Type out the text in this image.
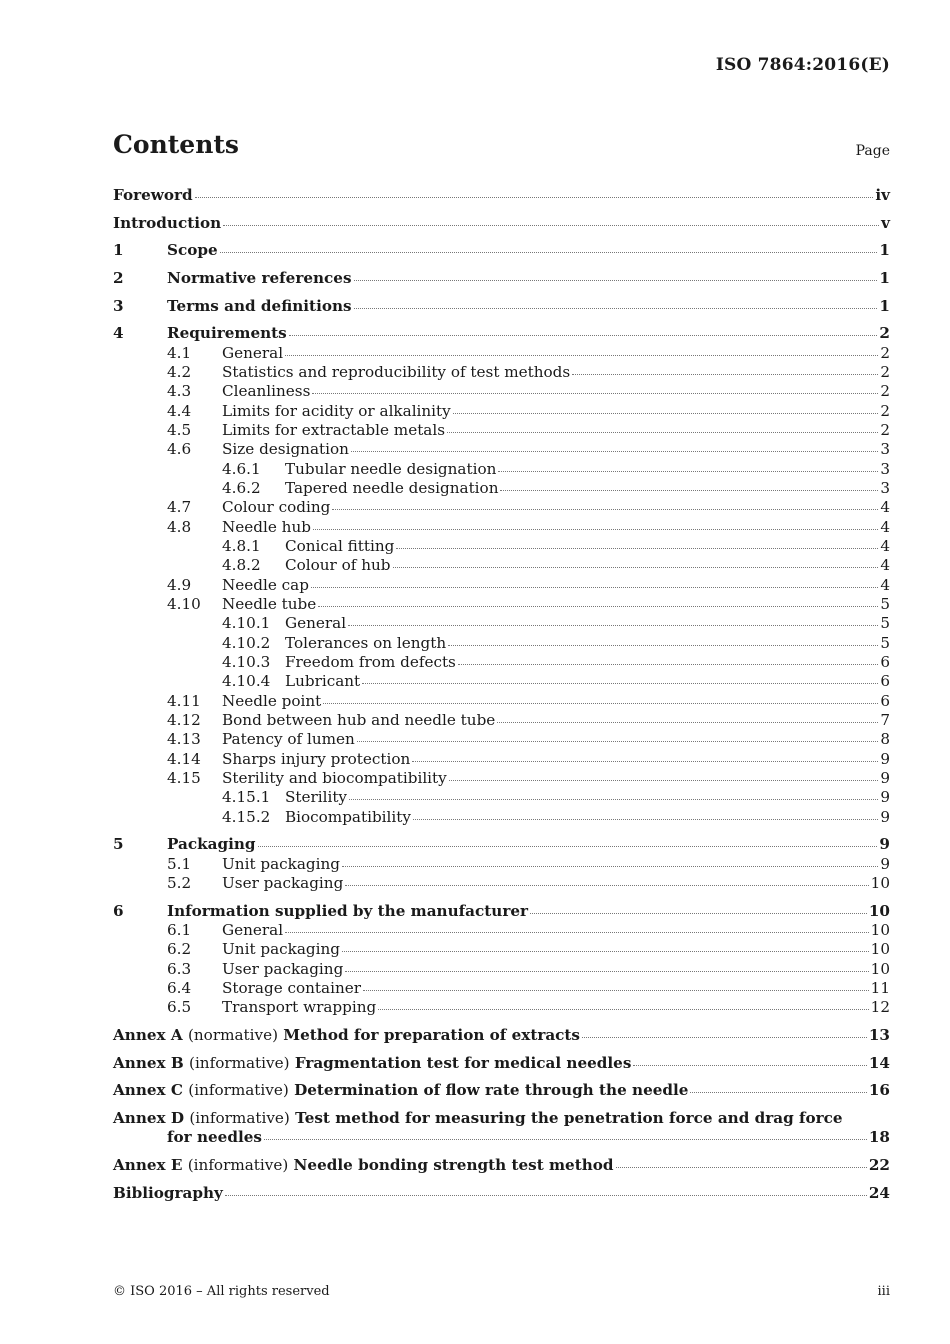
ISO 7864:2016(E)
Contents	Page
Foreword	iv
Introduction	v
1	Scope	1
2	Normative references	1
3	Terms and definitions	1
4	Requirements	2
4.1	General	2
4.2	Statistics and reproducibility of test methods	2
4.3	Cleanliness	2
4.4	Limits for acidity or alkalinity	2
4.5	Limits for extractable metals	2
4.6	Size designation	3
4.6.1	Tubular needle designation	3
4.6.2	Tapered needle designation	3
4.7	Colour coding	4
4.8	Needle hub	4
4.8.1	Conical fitting	4
4.8.2	Colour of hub	4
4.9	Needle cap	4
4.10	Needle tube	5
4.10.1 General	5
4.10.2 Tolerances on length	5
4.10.3 Freedom from defects	6
4.10.4 Lubricant	6
4.11	Needle point	6
4.12	Bond between hub and needle tube	7
4.13	Patency of lumen	8
4.14	Sharps injury protection	9
4.15	Sterility and biocompatibility	9
4.15.1 Sterility	9
4.15.2 Biocompatibility	9
5	Packaging	9
5.1	Unit packaging	9
5.2	User packaging	10
6	Information supplied by the manufacturer	10
6.1	General	10
6.2	Unit packaging	10
6.3	User packaging	10
6.4	Storage container	11
6.5	Transport wrapping	12
Annex A (normative) Method for preparation of extracts	13
Annex B (informative) Fragmentation test for medical needles	14
Annex C (informative) Determination of flow rate through the needle	16
Annex D (informative) Test method for measuring the penetration force and drag force
for needles	18
Annex E (informative) Needle bonding strength test method	22
Bibliography	24
© ISO 2016 – All rights reserved	iii
